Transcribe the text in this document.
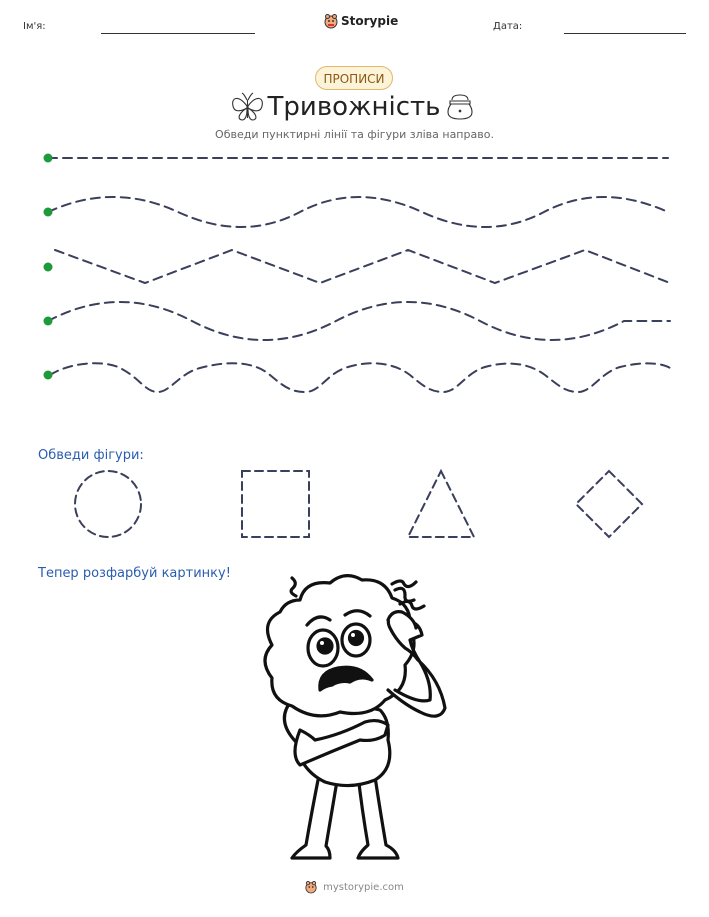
Ім'я:	Storypie	Дата:
ПРОПИСИ
Тривожність
Обведи пунктирні лінії та фігури зліва направо.
Обведи фігури:
Тепер розфарбуй картинку!
mystorypie.com
